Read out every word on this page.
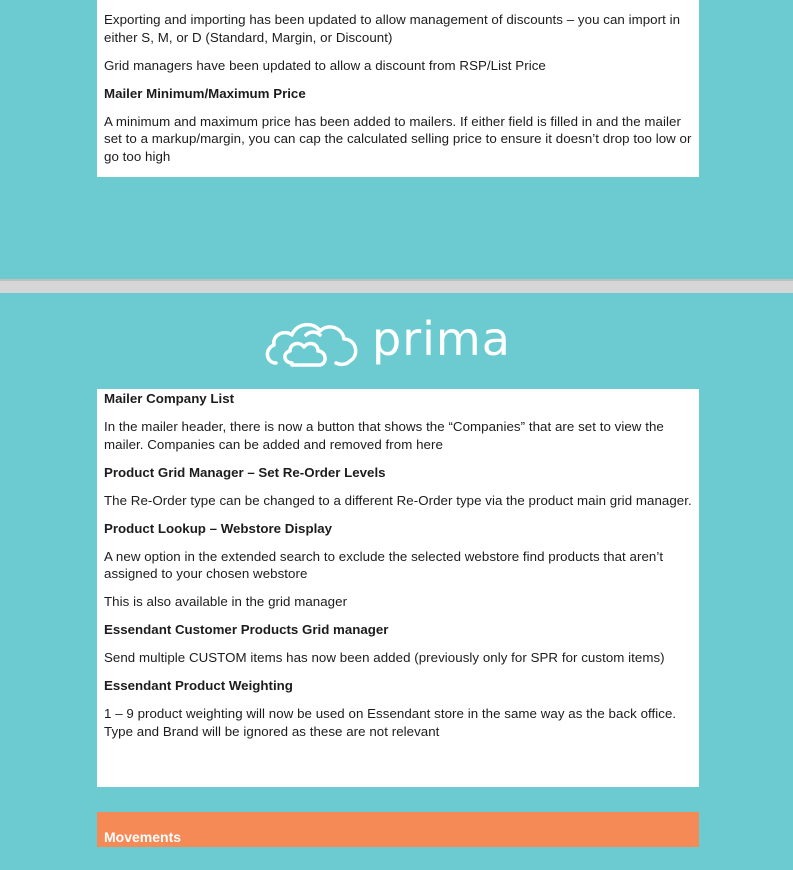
Exporting and importing has been updated to allow management of discounts – you can import in either S, M, or D (Standard, Margin, or Discount)

Grid managers have been updated to allow a discount from RSP/List Price

Mailer Minimum/Maximum Price

A minimum and maximum price has been added to mailers. If either field is filled in and the mailer set to a markup/margin, you can cap the calculated selling price to ensure it doesn’t drop too low or go too high

prima

Mailer Company List

In the mailer header, there is now a button that shows the “Companies” that are set to view the mailer. Companies can be added and removed from here

Product Grid Manager – Set Re-Order Levels

The Re-Order type can be changed to a different Re-Order type via the product main grid manager.

Product Lookup – Webstore Display

A new option in the extended search to exclude the selected webstore find products that aren’t assigned to your chosen webstore

This is also available in the grid manager

Essendant Customer Products Grid manager

Send multiple CUSTOM items has now been added (previously only for SPR for custom items)

Essendant Product Weighting

1 – 9 product weighting will now be used on Essendant store in the same way as the back office. Type and Brand will be ignored as these are not relevant

Movements
